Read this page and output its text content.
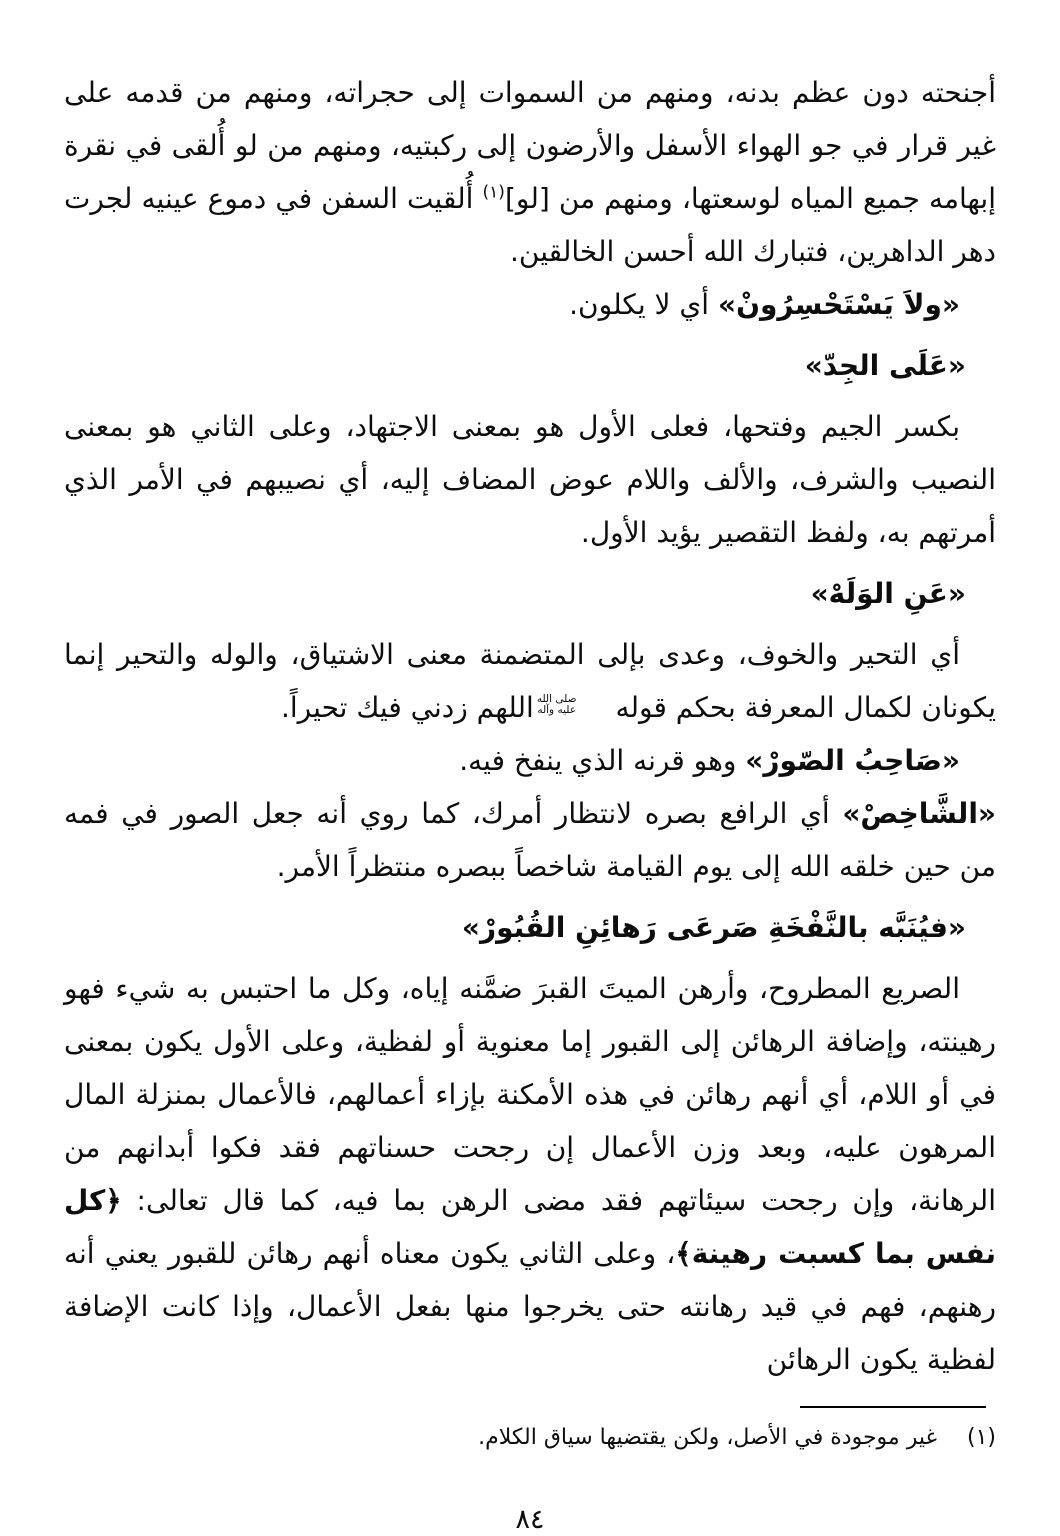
أجنحته دون عظم بدنه، ومنهم من السموات إلى حجراته، ومنهم من قدمه على غير قرار في جو الهواء الأسفل والأرضون إلى ركبتيه، ومنهم من لو أُلقى في نقرة إبهامه جميع المياه لوسعتها، ومنهم من [لو]$^{(١)}$ أُلقيت السفن في دموع عينيه لجرت دهر الداهرين، فتبارك الله أحسن الخالقين.

«ولاَ يَسْتَحْسِرُونْ» أي لا يكلون.

«عَلَى الجِدّ»

بكسر الجيم وفتحها، فعلى الأول هو بمعنى الاجتهاد، وعلى الثاني هو بمعنى النصيب والشرف، والألف واللام عوض المضاف إليه، أي نصيبهم في الأمر الذي أمرتهم به، ولفظ التقصير يؤيد الأول.

«عَنِ الوَلَهْ»

أي التحير والخوف، وعدى بإلى المتضمنة معنى الاشتياق، والوله والتحير إنما يكونان لكمال المعرفة بحكم قوله
صلى الله
عليه وآله
اللهم زدني فيك تحيراً.

«صَاحِبُ الصّورْ» وهو قرنه الذي ينفخ فيه.

«الشَّاخِصْ» أي الرافع بصره لانتظار أمرك، كما روي أنه جعل الصور في فمه من حين خلقه الله إلى يوم القيامة شاخصاً ببصره منتظراً الأمر.

«فيُنَبَّه بالنَّفْخَةِ صَرعَى رَهائِنِ القُبُورْ»

الصريع المطروح، وأرهن الميتَ القبرَ ضمَّنه إياه، وكل ما احتبس به شيء فهو رهينته، وإضافة الرهائن إلى القبور إما معنوية أو لفظية، وعلى الأول يكون بمعنى في أو اللام، أي أنهم رهائن في هذه الأمكنة بإزاء أعمالهم، فالأعمال بمنزلة المال المرهون عليه، وبعد وزن الأعمال إن رجحت حسناتهم فقد فكوا أبدانهم من الرهانة، وإن رجحت سيئاتهم فقد مضى الرهن بما فيه، كما قال تعالى: ﴿كل نفس بما كسبت رهينة﴾، وعلى الثاني يكون معناه أنهم رهائن للقبور يعني أنه رهنهم، فهم في قيد رهانته حتى يخرجوا منها بفعل الأعمال، وإذا كانت الإضافة لفظية يكون الرهائن

(١)غير موجودة في الأصل، ولكن يقتضيها سياق الكلام.
٨٤
